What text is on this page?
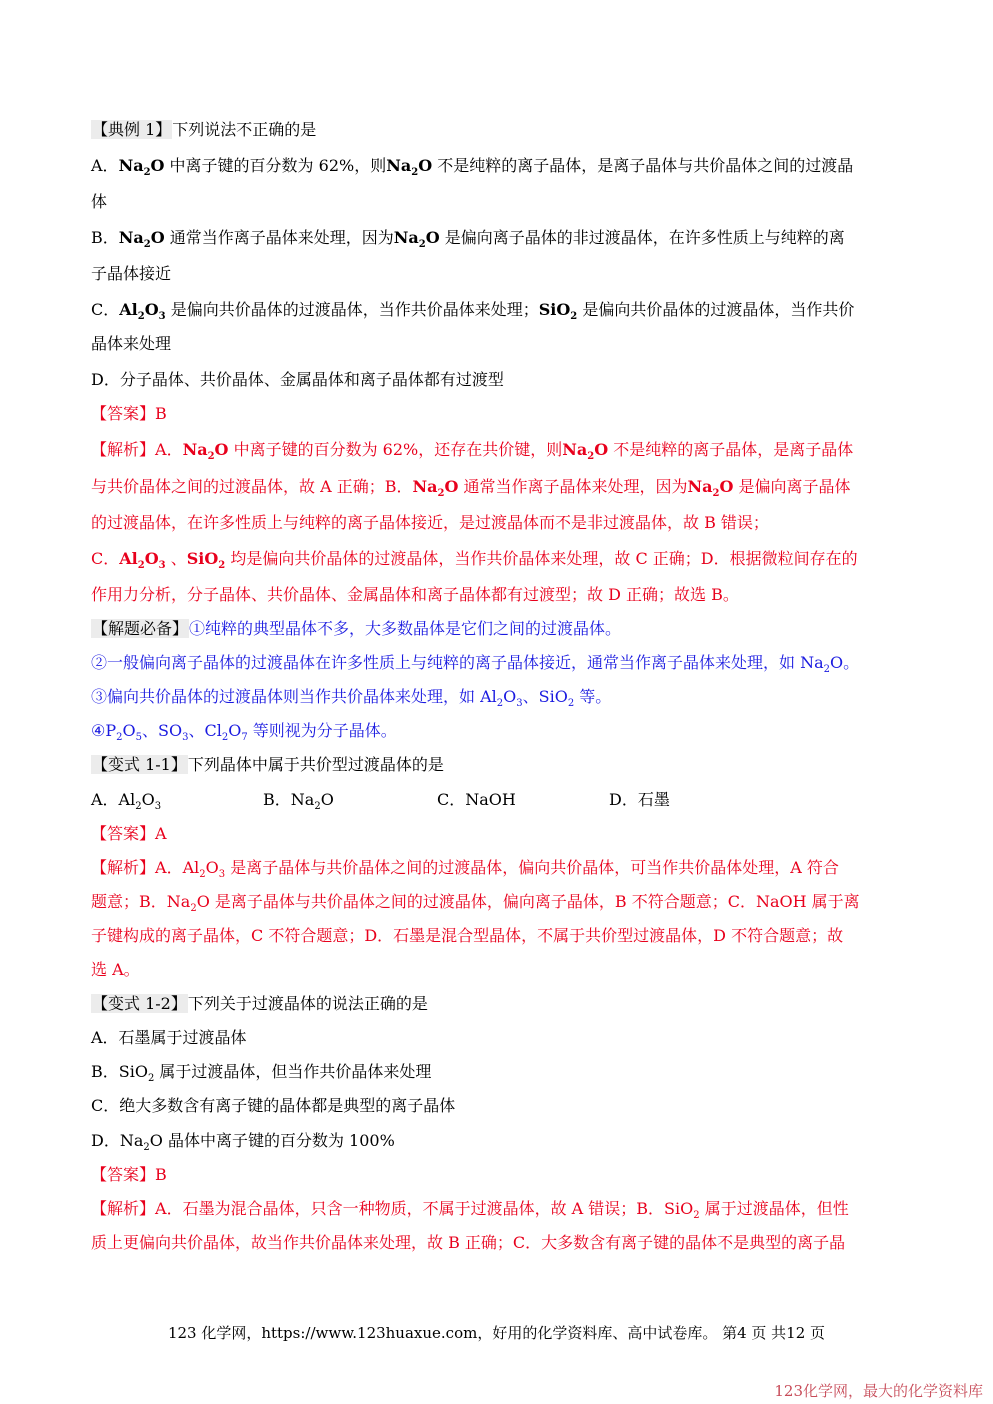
【典例 1】下列说法不正确的是
A．$Na_2O$ 中离子键的百分数为 62%，则$Na_2O$ 不是纯粹的离子晶体，是离子晶体与共价晶体之间的过渡晶
体
B．$Na_2O$ 通常当作离子晶体来处理，因为$Na_2O$ 是偏向离子晶体的非过渡晶体，在许多性质上与纯粹的离
子晶体接近
C．$Al_2O_3$ 是偏向共价晶体的过渡晶体，当作共价晶体来处理；SiO$_2$ 是偏向共价晶体的过渡晶体，当作共价
晶体来处理
D．分子晶体、共价晶体、金属晶体和离子晶体都有过渡型
【答案】B
【解析】A．$Na_2O$ 中离子键的百分数为 62%，还存在共价键，则$Na_2O$ 不是纯粹的离子晶体，是离子晶体
与共价晶体之间的过渡晶体，故 A 正确；B．$Na_2O$ 通常当作离子晶体来处理，因为$Na_2O$ 是偏向离子晶体
的过渡晶体，在许多性质上与纯粹的离子晶体接近，是过渡晶体而不是非过渡晶体，故 B 错误；
C．$Al_2O_3$ 、SiO$_2$ 均是偏向共价晶体的过渡晶体，当作共价晶体来处理，故 C 正确；D．根据微粒间存在的
作用力分析，分子晶体、共价晶体、金属晶体和离子晶体都有过渡型；故 D 正确；故选 B。
【解题必备】①纯粹的典型晶体不多，大多数晶体是它们之间的过渡晶体。
②一般偏向离子晶体的过渡晶体在许多性质上与纯粹的离子晶体接近，通常当作离子晶体来处理，如 $Na_2O$。
③偏向共价晶体的过渡晶体则当作共价晶体来处理，如 $Al_2O_3$、SiO$_2$ 等。
$④P_2O_5$、$SO_3$、$Cl_2O_7$ 等则视为分子晶体。
【变式 1-1】下列晶体中属于共价型过渡晶体的是
A．$Al_2O_3$	B．$Na_2O$	C．NaOH	D．石墨
【答案】A
【解析】A．$Al_2O_3$ 是离子晶体与共价晶体之间的过渡晶体，偏向共价晶体，可当作共价晶体处理，A 符合
题意；B．$Na_2O$ 是离子晶体与共价晶体之间的过渡晶体，偏向离子晶体，B 不符合题意；C．NaOH 属于离
子键构成的离子晶体，C 不符合题意；D．石墨是混合型晶体，不属于共价型过渡晶体，D 不符合题意；故
选 A。
【变式 1-2】下列关于过渡晶体的说法正确的是
A．石墨属于过渡晶体
B．SiO$_2$ 属于过渡晶体，但当作共价晶体来处理
C．绝大多数含有离子键的晶体都是典型的离子晶体
D．$Na_2O$ 晶体中离子键的百分数为 100%
【答案】B
【解析】A．石墨为混合晶体，只含一种物质，不属于过渡晶体，故 A 错误；B．SiO$_2$ 属于过渡晶体，但性
质上更偏向共价晶体，故当作共价晶体来处理，故 B 正确；C．大多数含有离子键的晶体不是典型的离子晶
123 化学网，https://www.123huaxue.com，好用的化学资料库、高中试卷库。 第4 页 共12 页
123化学网，最大的化学资料库
